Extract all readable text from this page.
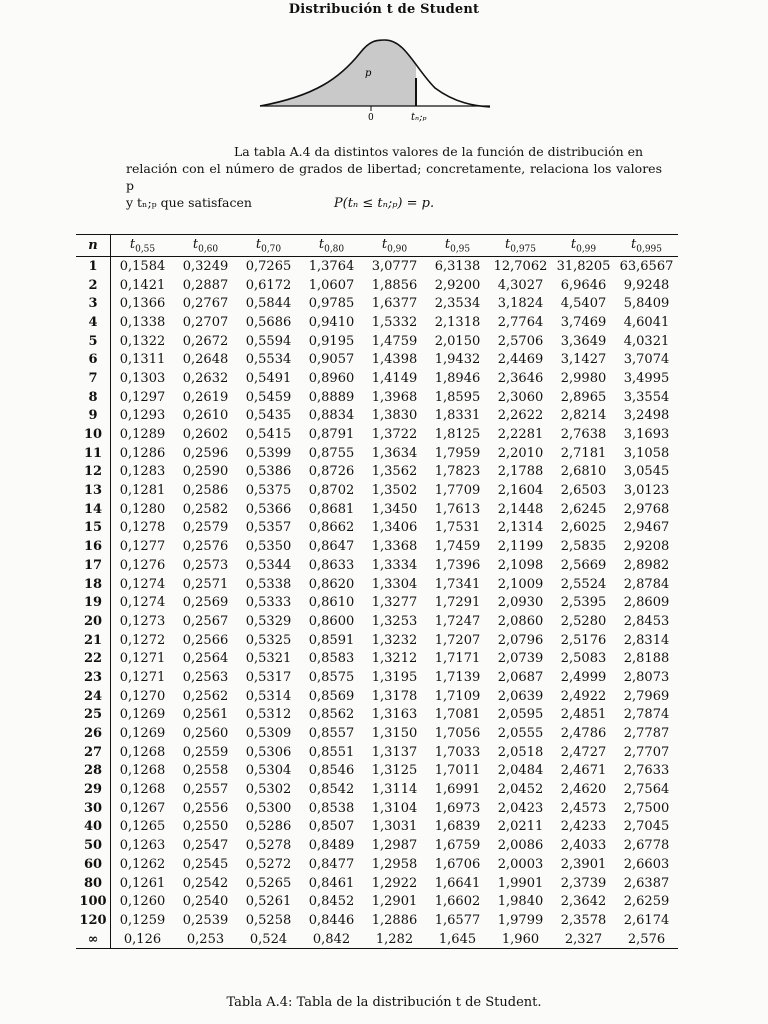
Distribución t de Student
p
0	tₙ;ₚ
La tabla A.4 da distintos valores de la función de distribución en
relación con el número de grados de libertad; concretamente, relaciona los valores p
y tₙ;ₚ que satisfacen	P(tₙ ≤ tₙ;ₚ) = p.
n	$t_{0,55}$	$t_{0,60}$	$t_{0,70}$	$t_{0,80}$	$t_{0,90}$	$t_{0,95}$	$t_{0,975}$	$t_{0,99}$	$t_{0,995}$
1	0,1584	0,3249	0,7265	1,3764	3,0777	6,3138	12,7062	31,8205	63,6567
2	0,1421	0,2887	0,6172	1,0607	1,8856	2,9200	4,3027	6,9646	9,9248
3	0,1366	0,2767	0,5844	0,9785	1,6377	2,3534	3,1824	4,5407	5,8409
4	0,1338	0,2707	0,5686	0,9410	1,5332	2,1318	2,7764	3,7469	4,6041
5	0,1322	0,2672	0,5594	0,9195	1,4759	2,0150	2,5706	3,3649	4,0321
6	0,1311	0,2648	0,5534	0,9057	1,4398	1,9432	2,4469	3,1427	3,7074
7	0,1303	0,2632	0,5491	0,8960	1,4149	1,8946	2,3646	2,9980	3,4995
8	0,1297	0,2619	0,5459	0,8889	1,3968	1,8595	2,3060	2,8965	3,3554
9	0,1293	0,2610	0,5435	0,8834	1,3830	1,8331	2,2622	2,8214	3,2498
10	0,1289	0,2602	0,5415	0,8791	1,3722	1,8125	2,2281	2,7638	3,1693
11	0,1286	0,2596	0,5399	0,8755	1,3634	1,7959	2,2010	2,7181	3,1058
12	0,1283	0,2590	0,5386	0,8726	1,3562	1,7823	2,1788	2,6810	3,0545
13	0,1281	0,2586	0,5375	0,8702	1,3502	1,7709	2,1604	2,6503	3,0123
14	0,1280	0,2582	0,5366	0,8681	1,3450	1,7613	2,1448	2,6245	2,9768
15	0,1278	0,2579	0,5357	0,8662	1,3406	1,7531	2,1314	2,6025	2,9467
16	0,1277	0,2576	0,5350	0,8647	1,3368	1,7459	2,1199	2,5835	2,9208
17	0,1276	0,2573	0,5344	0,8633	1,3334	1,7396	2,1098	2,5669	2,8982
18	0,1274	0,2571	0,5338	0,8620	1,3304	1,7341	2,1009	2,5524	2,8784
19	0,1274	0,2569	0,5333	0,8610	1,3277	1,7291	2,0930	2,5395	2,8609
20	0,1273	0,2567	0,5329	0,8600	1,3253	1,7247	2,0860	2,5280	2,8453
21	0,1272	0,2566	0,5325	0,8591	1,3232	1,7207	2,0796	2,5176	2,8314
22	0,1271	0,2564	0,5321	0,8583	1,3212	1,7171	2,0739	2,5083	2,8188
23	0,1271	0,2563	0,5317	0,8575	1,3195	1,7139	2,0687	2,4999	2,8073
24	0,1270	0,2562	0,5314	0,8569	1,3178	1,7109	2,0639	2,4922	2,7969
25	0,1269	0,2561	0,5312	0,8562	1,3163	1,7081	2,0595	2,4851	2,7874
26	0,1269	0,2560	0,5309	0,8557	1,3150	1,7056	2,0555	2,4786	2,7787
27	0,1268	0,2559	0,5306	0,8551	1,3137	1,7033	2,0518	2,4727	2,7707
28	0,1268	0,2558	0,5304	0,8546	1,3125	1,7011	2,0484	2,4671	2,7633
29	0,1268	0,2557	0,5302	0,8542	1,3114	1,6991	2,0452	2,4620	2,7564
30	0,1267	0,2556	0,5300	0,8538	1,3104	1,6973	2,0423	2,4573	2,7500
40	0,1265	0,2550	0,5286	0,8507	1,3031	1,6839	2,0211	2,4233	2,7045
50	0,1263	0,2547	0,5278	0,8489	1,2987	1,6759	2,0086	2,4033	2,6778
60	0,1262	0,2545	0,5272	0,8477	1,2958	1,6706	2,0003	2,3901	2,6603
80	0,1261	0,2542	0,5265	0,8461	1,2922	1,6641	1,9901	2,3739	2,6387
100	0,1260	0,2540	0,5261	0,8452	1,2901	1,6602	1,9840	2,3642	2,6259
120	0,1259	0,2539	0,5258	0,8446	1,2886	1,6577	1,9799	2,3578	2,6174
∞	0,126	0,253	0,524	0,842	1,282	1,645	1,960	2,327	2,576
Tabla A.4: Tabla de la distribución t de Student.
